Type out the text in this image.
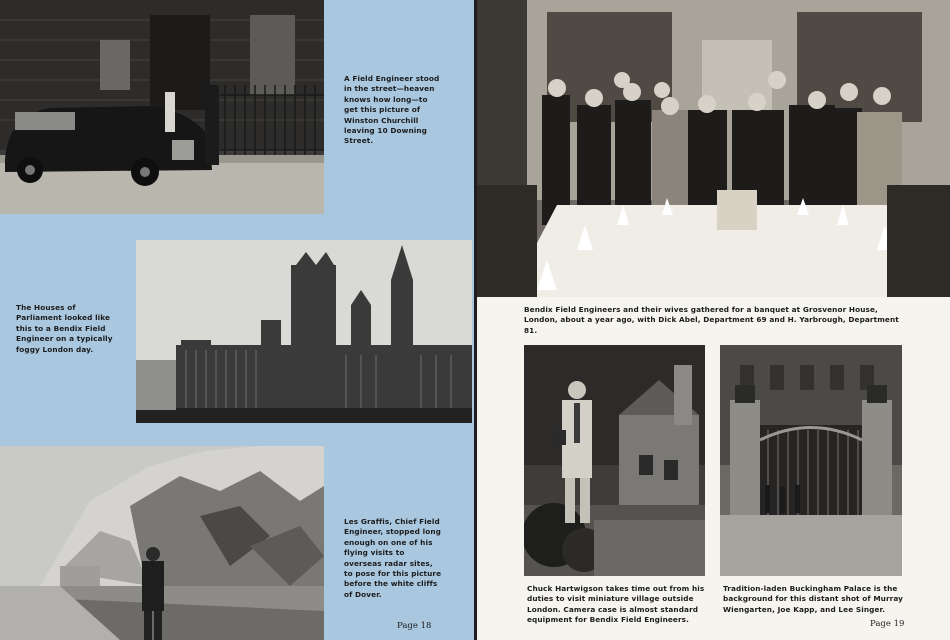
A Field Engineer stood in the street—heaven knows how long—to get this picture of Winston Churchill leaving 10 Downing Street.
The Houses of Parliament looked like this to a Bendix Field Engineer on a typically foggy London day.
Les Graffis, Chief Field Engineer, stopped long enough on one of his flying visits to overseas radar sites, to pose for this picture before the white cliffs of Dover.
Page 18
Bendix Field Engineers and their wives gathered for a banquet at Grosvenor House, London, about a year ago, with Dick Abel, Department 69 and H. Yarbrough, Department 81.
Chuck Hartwigson takes time out from his duties to visit miniature village outside London. Camera case is almost standard equipment for Bendix Field Engineers.
Tradition-laden Buckingham Palace is the background for this distant shot of Murray Wiengarten, Joe Kapp, and Lee Singer.
Page 19
